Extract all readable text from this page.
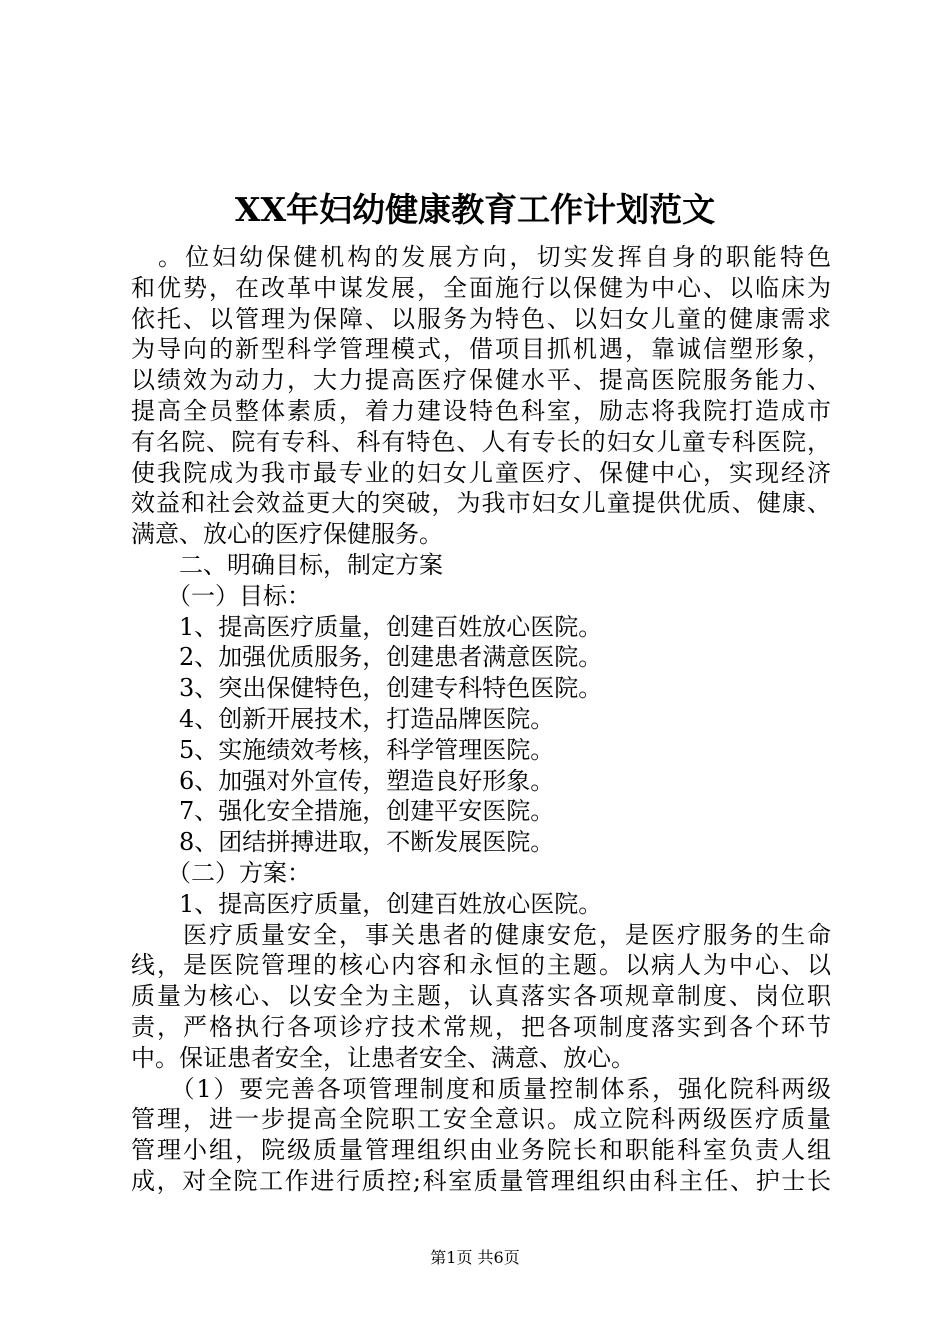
XX年妇幼健康教育工作计划范文
　。位妇幼保健机构的发展方向，切实发挥自身的职能特色
和优势，在改革中谋发展，全面施行以保健为中心、以临床为
依托、以管理为保障、以服务为特色、以妇女儿童的健康需求
为导向的新型科学管理模式，借项目抓机遇，靠诚信塑形象，
以绩效为动力，大力提高医疗保健水平、提高医院服务能力、
提高全员整体素质，着力建设特色科室，励志将我院打造成市
有名院、院有专科、科有特色、人有专长的妇女儿童专科医院，
使我院成为我市最专业的妇女儿童医疗、保健中心，实现经济
效益和社会效益更大的突破，为我市妇女儿童提供优质、健康、
满意、放心的医疗保健服务。
　　二、明确目标，制定方案
　　（一）目标：
　　1、提高医疗质量，创建百姓放心医院。
　　2、加强优质服务，创建患者满意医院。
　　3、突出保健特色，创建专科特色医院。
　　4、创新开展技术，打造品牌医院。
　　5、实施绩效考核，科学管理医院。
　　6、加强对外宣传，塑造良好形象。
　　7、强化安全措施，创建平安医院。
　　8、团结拼搏进取，不断发展医院。
　　（二）方案：
　　1、提高医疗质量，创建百姓放心医院。
　　医疗质量安全，事关患者的健康安危，是医疗服务的生命
线，是医院管理的核心内容和永恒的主题。以病人为中心、以
质量为核心、以安全为主题，认真落实各项规章制度、岗位职
责，严格执行各项诊疗技术常规，把各项制度落实到各个环节
中。保证患者安全，让患者安全、满意、放心。
　　（1）要完善各项管理制度和质量控制体系，强化院科两级
管理，进一步提高全院职工安全意识。成立院科两级医疗质量
管理小组，院级质量管理组织由业务院长和职能科室负责人组
成，对全院工作进行质控;科室质量管理组织由科主任、护士长
第1页 共6页
